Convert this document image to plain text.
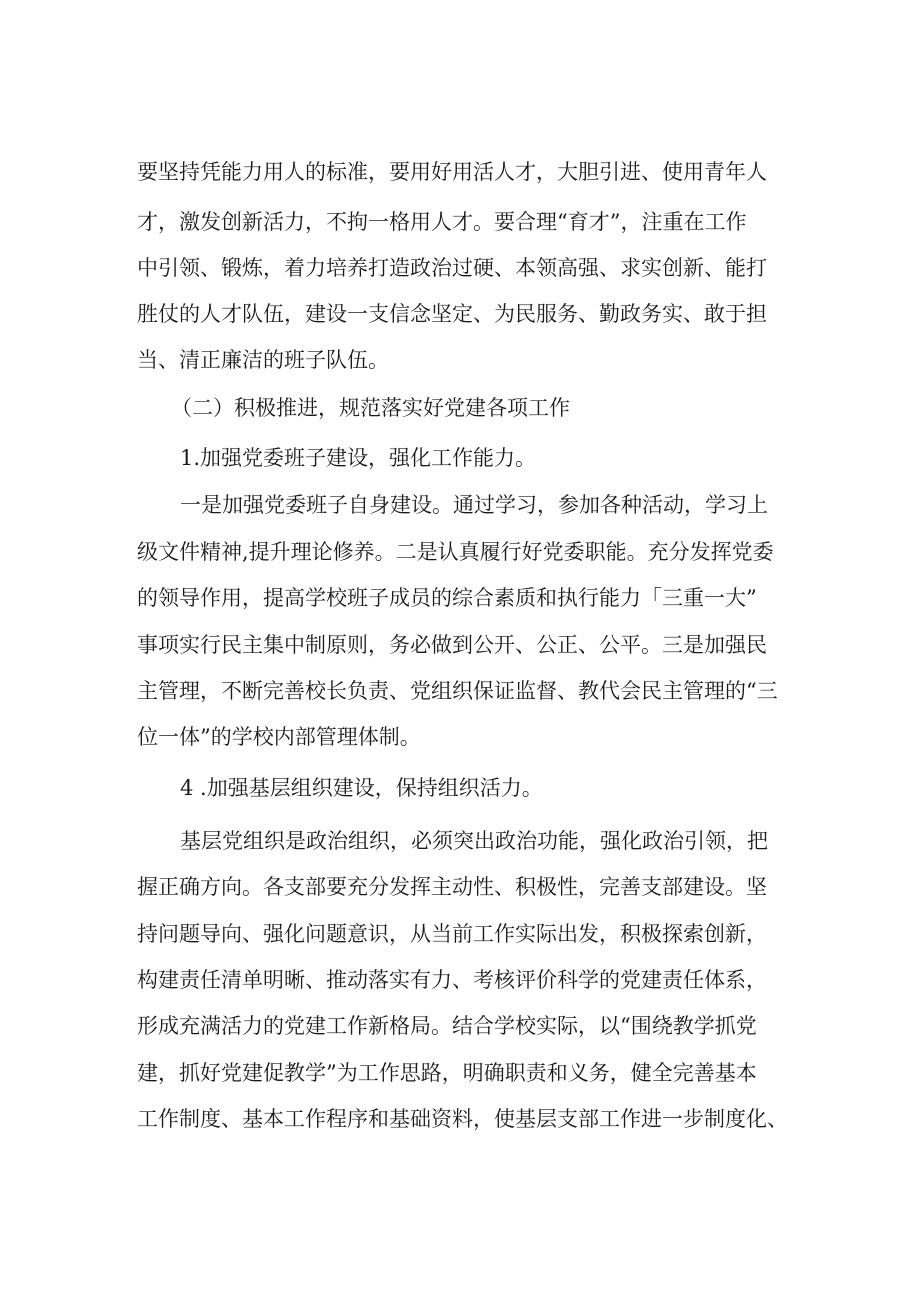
要坚持凭能力用人的标准，要用好用活人才，大胆引进、使用青年人
才，激发创新活力，不拘一格用人才。要合理“育才”，注重在工作
中引领、锻炼，着力培养打造政治过硬、本领高强、求实创新、能打
胜仗的人才队伍，建设一支信念坚定、为民服务、勤政务实、敢于担
当、清正廉洁的班子队伍。
（二）积极推进，规范落实好党建各项工作
1.加强党委班子建设，强化工作能力。
一是加强党委班子自身建设。通过学习，参加各种活动，学习上
级文件精神,提升理论修养。二是认真履行好党委职能。充分发挥党委
的领导作用，提高学校班子成员的综合素质和执行能力「三重一大”
事项实行民主集中制原则，务必做到公开、公正、公平。三是加强民
主管理，不断完善校长负责、党组织保证监督、教代会民主管理的“三
位一体”的学校内部管理体制。
4 .加强基层组织建设，保持组织活力。
基层党组织是政治组织，必须突出政治功能，强化政治引领，把
握正确方向。各支部要充分发挥主动性、积极性，完善支部建设。坚
持问题导向、强化问题意识，从当前工作实际出发，积极探索创新，
构建责任清单明晰、推动落实有力、考核评价科学的党建责任体系，
形成充满活力的党建工作新格局。结合学校实际，以“围绕教学抓党
建，抓好党建促教学”为工作思路，明确职责和义务，健全完善基本
工作制度、基本工作程序和基础资料，使基层支部工作进一步制度化、
